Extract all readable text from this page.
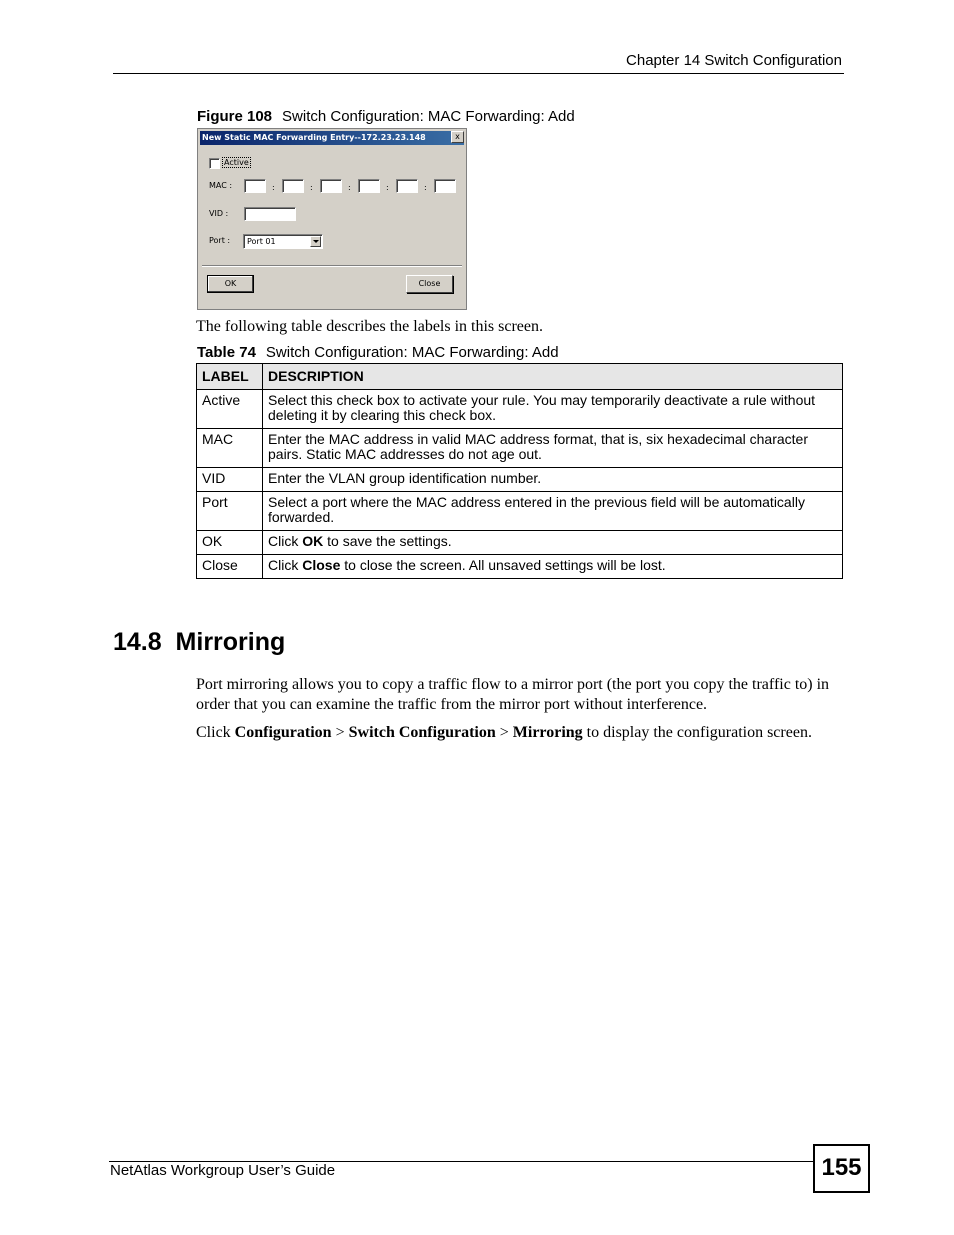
Chapter 14 Switch Configuration
Figure 108 Switch Configuration: MAC Forwarding: Add
New Static MAC Forwarding Entry--172.23.23.148	x
Active
MAC :	:	:	:	:	:
VID :
Port :	Port 01
OK	Close
The following table describes the labels in this screen.
Table 74 Switch Configuration: MAC Forwarding: Add
LABEL	DESCRIPTION
Active	Select this check box to activate your rule. You may temporarily deactivate a rule without deleting it by clearing this check box.
MAC	Enter the MAC address in valid MAC address format, that is, six hexadecimal character pairs. Static MAC addresses do not age out.
VID	Enter the VLAN group identification number.
Port	Select a port where the MAC address entered in the previous field will be automatically forwarded.
OK	Click OK to save the settings.
Close	Click Close to close the screen. All unsaved settings will be lost.
14.8  Mirroring
Port mirroring allows you to copy a traffic flow to a mirror port (the port you copy the traffic to) in order that you can examine the traffic from the mirror port without interference.
Click Configuration > Switch Configuration > Mirroring to display the configuration screen.
NetAtlas Workgroup User’s Guide	155
